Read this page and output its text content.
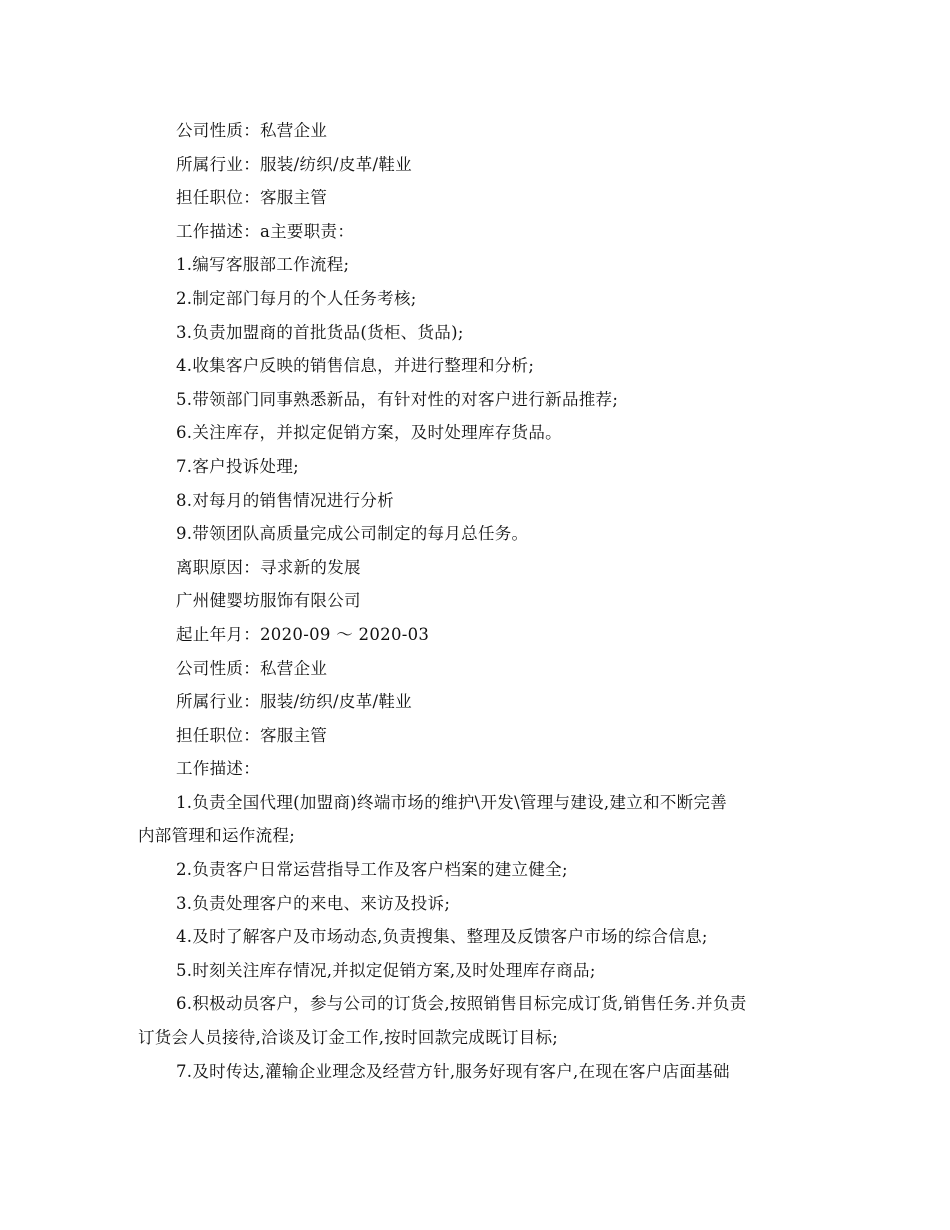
公司性质：私营企业
所属行业：服装/纺织/皮革/鞋业
担任职位：客服主管
工作描述：a主要职责：
1.编写客服部工作流程;
2.制定部门每月的个人任务考核;
3.负责加盟商的首批货品(货柜、货品);
4.收集客户反映的销售信息，并进行整理和分析;
5.带领部门同事熟悉新品，有针对性的对客户进行新品推荐;
6.关注库存，并拟定促销方案，及时处理库存货品。
7.客户投诉处理;
8.对每月的销售情况进行分析
9.带领团队高质量完成公司制定的每月总任务。
离职原因：寻求新的发展
广州健婴坊服饰有限公司
起止年月：2020-09 ～ 2020-03
公司性质：私营企业
所属行业：服装/纺织/皮革/鞋业
担任职位：客服主管
工作描述：
1.负责全国代理(加盟商)终端市场的维护\开发\管理与建设,建立和不断完善
内部管理和运作流程;
2.负责客户日常运营指导工作及客户档案的建立健全;
3.负责处理客户的来电、来访及投诉;
4.及时了解客户及市场动态,负责搜集、整理及反馈客户市场的综合信息;
5.时刻关注库存情况,并拟定促销方案,及时处理库存商品;
6.积极动员客户，参与公司的订货会,按照销售目标完成订货,销售任务.并负责
订货会人员接待,洽谈及订金工作,按时回款完成既订目标;
7.及时传达,灌输企业理念及经营方针,服务好现有客户,在现在客户店面基础
